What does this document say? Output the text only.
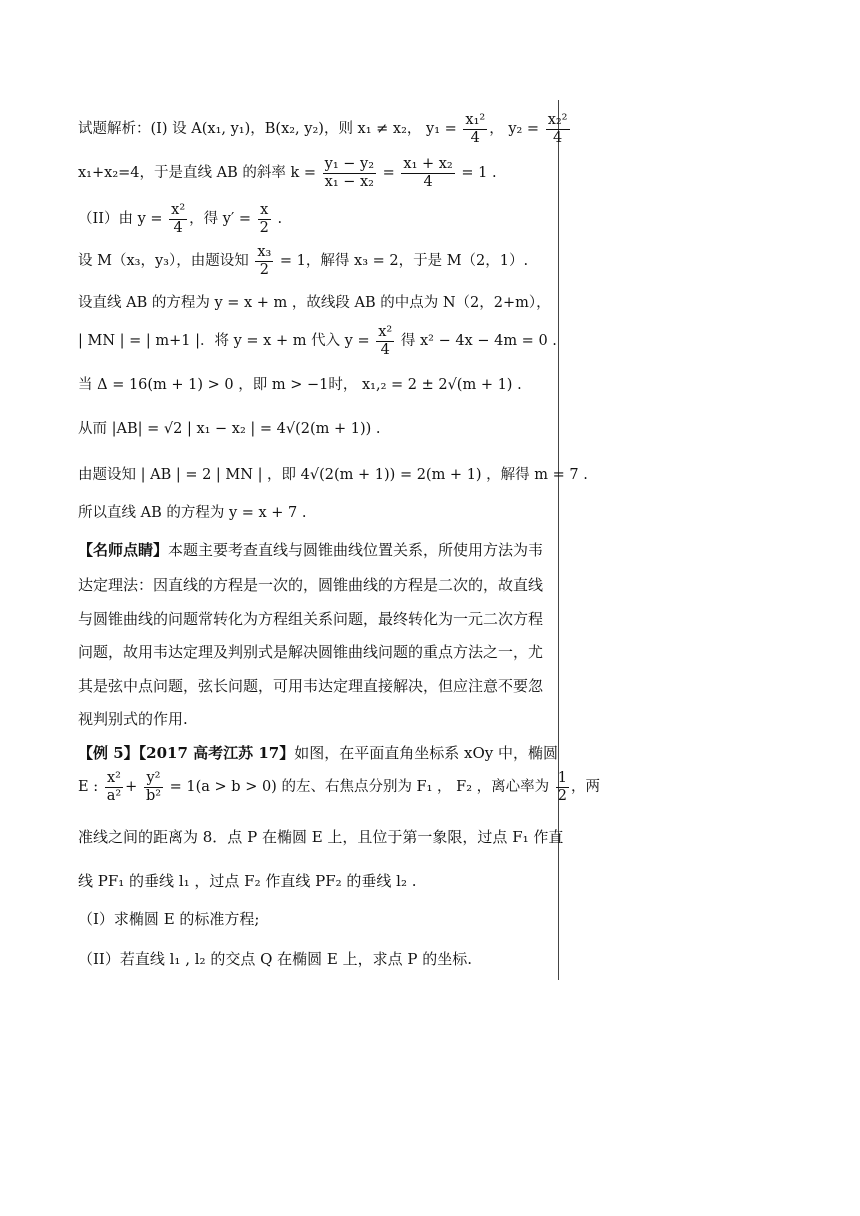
试题解析：(I) 设 A(x₁, y₁)，B(x₂, y₂)，则 x₁ ≠ x₂， $y_1 = \frac{\text{x₁²}}{4}$ ， $y_2 = \frac{\text{x₂²}}{4}$
x₁+x₂=4，于是直线 AB 的斜率 $k = \frac{\text{y₁ − y₂}}{\text{x₁ − x₂}} = \frac{\text{x₁ + x₂}}{4} = 1$ .
（II）由 $y = \frac{\text{x²}}{4}$ ，得 $y' = \frac{x}{2}$ .
设 M（x₃，y₃），由题设知 $\frac{\text{x₃}}{2} = 1$，解得 x₃ = 2，于是 M（2，1）.
设直线 AB 的方程为 y = x + m ，故线段 AB 的中点为 N（2，2+m），
| MN | = | m+1 |．将 y = x + m 代入 $y = \frac{\text{x²}}{4}$ 得 x² − 4x − 4m = 0 .
当 Δ = 16(m + 1) > 0 ，即 m > −1时， x₁,₂ = 2 ± 2√(m + 1) .
从而 |AB| = √2 | x₁ − x₂ | = 4√(2(m + 1)) .
由题设知 | AB | = 2 | MN | ，即 4√(2(m + 1)) = 2(m + 1) ，解得 m = 7 .
所以直线 AB 的方程为 y = x + 7 .
【名师点睛】本题主要考查直线与圆锥曲线位置关系，所使用方法为韦
达定理法：因直线的方程是一次的，圆锥曲线的方程是二次的，故直线
与圆锥曲线的问题常转化为方程组关系问题，最终转化为一元二次方程
问题，故用韦达定理及判别式是解决圆锥曲线问题的重点方法之一，尤
其是弦中点问题，弦长问题，可用韦达定理直接解决，但应注意不要忽
视判别式的作用.
【例 5】【2017 高考江苏 17】如图，在平面直角坐标系 xOy 中，椭圆
E : $\frac{\text{x²}}{\text{a²}} + \frac{\text{y²}}{\text{b²}} = 1(a > b > 0)$ 的左、右焦点分别为 F₁ ， F₂ ，离心率为 $\frac{1}{2}$ ，两
准线之间的距离为 8．点 P 在椭圆 E 上，且位于第一象限，过点 F₁ 作直
线 PF₁ 的垂线 l₁ ，过点 F₂ 作直线 PF₂ 的垂线 l₂ .
（I）求椭圆 E 的标准方程;
（II）若直线 l₁ , l₂ 的交点 Q 在椭圆 E 上，求点 P 的坐标.
